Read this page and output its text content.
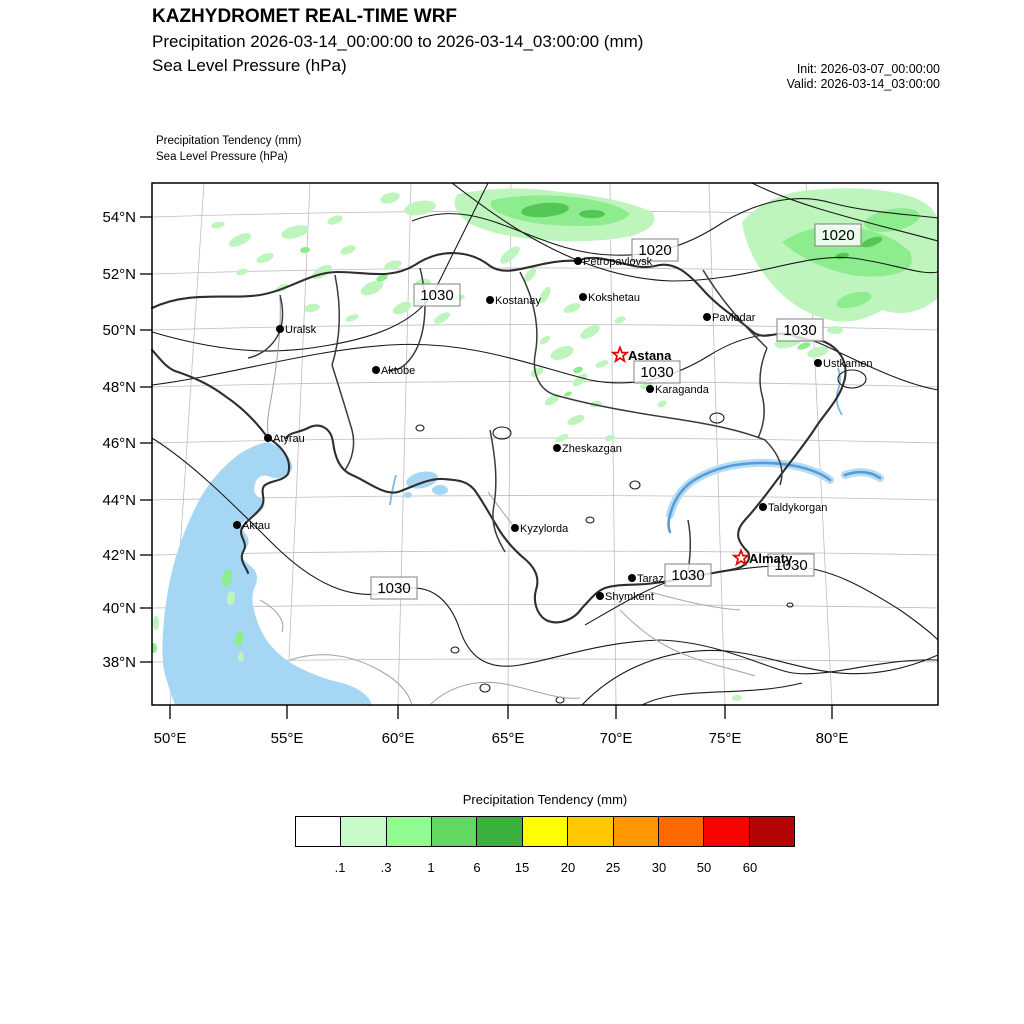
KAZHYDROMET REAL-TIME WRF
Precipitation 2026-03-14_00:00:00 to 2026-03-14_03:00:00 (mm)
Sea Level Pressure (hPa)	Init: 2026-03-07_00:00:00
Valid: 2026-03-14_03:00:00
Precipitation Tendency (mm)
Sea Level Pressure (hPa)
1030
1020
1020
1030
1030
1030
1030
1030
Petropavlovsk
Kostanay	Kokshetau
Pavlodar
Uralsk
Astana
Aktobe
Ustkamen
Karaganda
Atyrau
Zheskazgan
Taldykorgan
Aktau	Kyzylorda
Almaty
Taraz
Shymkent
54°N
52°N
50°N
48°N
46°N
44°N
42°N
40°N
38°N
50°E	55°E	60°E	65°E	70°E	75°E	80°E
Precipitation Tendency (mm)
.1	.3	1	6	15 20 25 30 50 60
